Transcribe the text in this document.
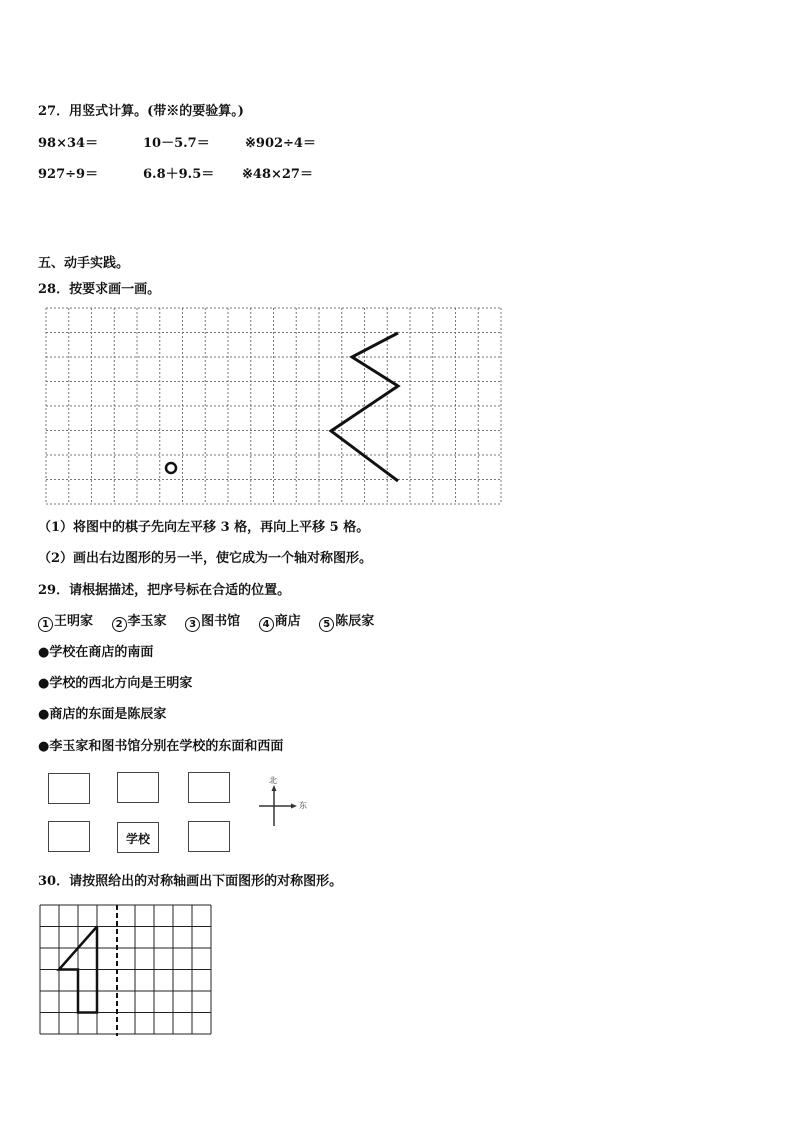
27．用竖式计算。(带※的要验算。)
98×34＝	10－5.7＝	※902÷4＝
927÷9＝	6.8＋9.5＝ ※48×27＝
五、动手实践。
28．按要求画一画。
（1）将图中的棋子先向左平移 3 格，再向上平移 5 格。
（2）画出右边图形的另一半，使它成为一个轴对称图形。
29．请根据描述，把序号标在合适的位置。
1 王明家 2 李玉家 3 图书馆 4 商店 5 陈辰家
●学校在商店的南面
●学校的西北方向是王明家
●商店的东面是陈辰家
●李玉家和图书馆分别在学校的东面和西面
学校
北
东
30．请按照给出的对称轴画出下面图形的对称图形。
